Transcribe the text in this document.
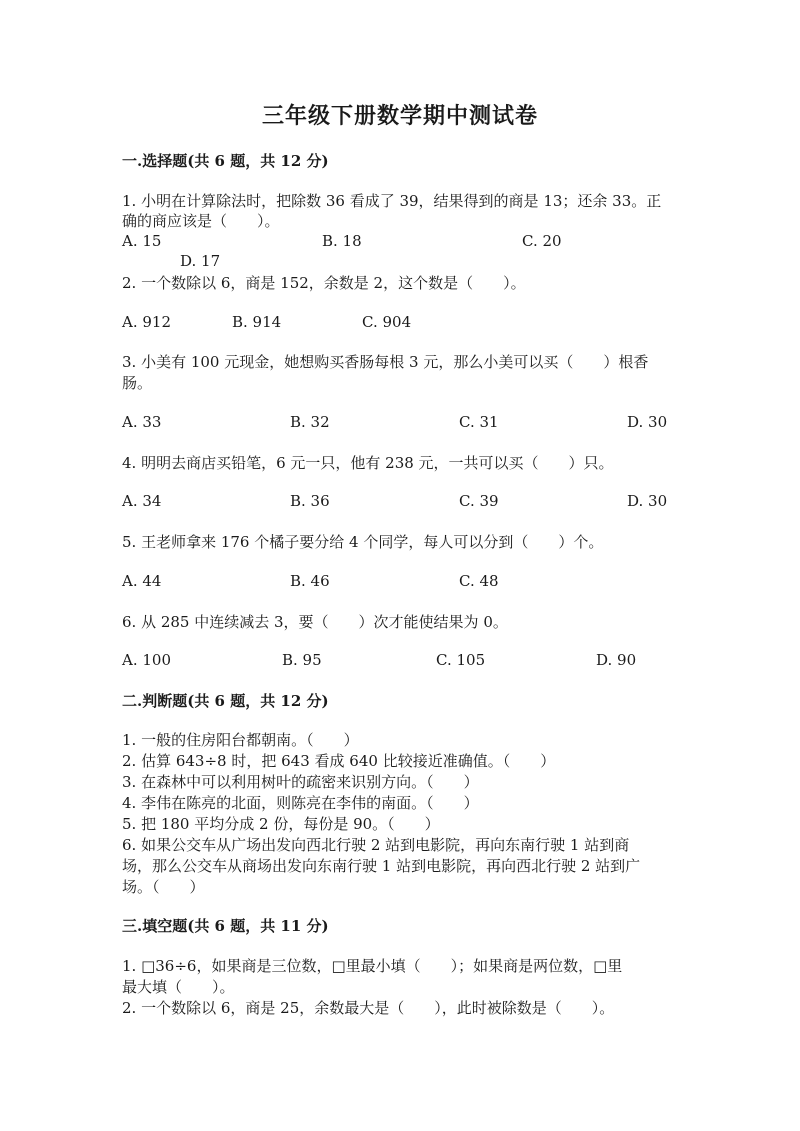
三年级下册数学期中测试卷
一.选择题(共 6 题，共 12 分)
1. 小明在计算除法时，把除数 36 看成了 39，结果得到的商是 13；还余 33。正
确的商应该是（　　）。
A. 15	B. 18	C. 20
D. 17
2. 一个数除以 6，商是 152，余数是 2，这个数是（　　）。
A. 912	B. 914	C. 904
3. 小美有 100 元现金，她想购买香肠每根 3 元，那么小美可以买（　　）根香
肠。
A. 33	B. 32	C. 31	D. 30
4. 明明去商店买铅笔，6 元一只，他有 238 元，一共可以买（　　）只。
A. 34	B. 36	C. 39	D. 30
5. 王老师拿来 176 个橘子要分给 4 个同学，每人可以分到（　　）个。
A. 44	B. 46	C. 48
6. 从 285 中连续减去 3，要（　　）次才能使结果为 0。
A. 100	B. 95	C. 105	D. 90
二.判断题(共 6 题，共 12 分)
1. 一般的住房阳台都朝南。（　　）
2. 估算 643÷8 时，把 643 看成 640 比较接近准确值。（　　）
3. 在森林中可以利用树叶的疏密来识别方向。（　　）
4. 李伟在陈亮的北面，则陈亮在李伟的南面。（　　）
5. 把 180 平均分成 2 份，每份是 90。（　　）
6. 如果公交车从广场出发向西北行驶 2 站到电影院，再向东南行驶 1 站到商
场，那么公交车从商场出发向东南行驶 1 站到电影院，再向西北行驶 2 站到广
场。（　　）
三.填空题(共 6 题，共 11 分)
1. □36÷6，如果商是三位数，□里最小填（　　）；如果商是两位数，□里
最大填（　　）。
2. 一个数除以 6，商是 25，余数最大是（　　），此时被除数是（　　）。
